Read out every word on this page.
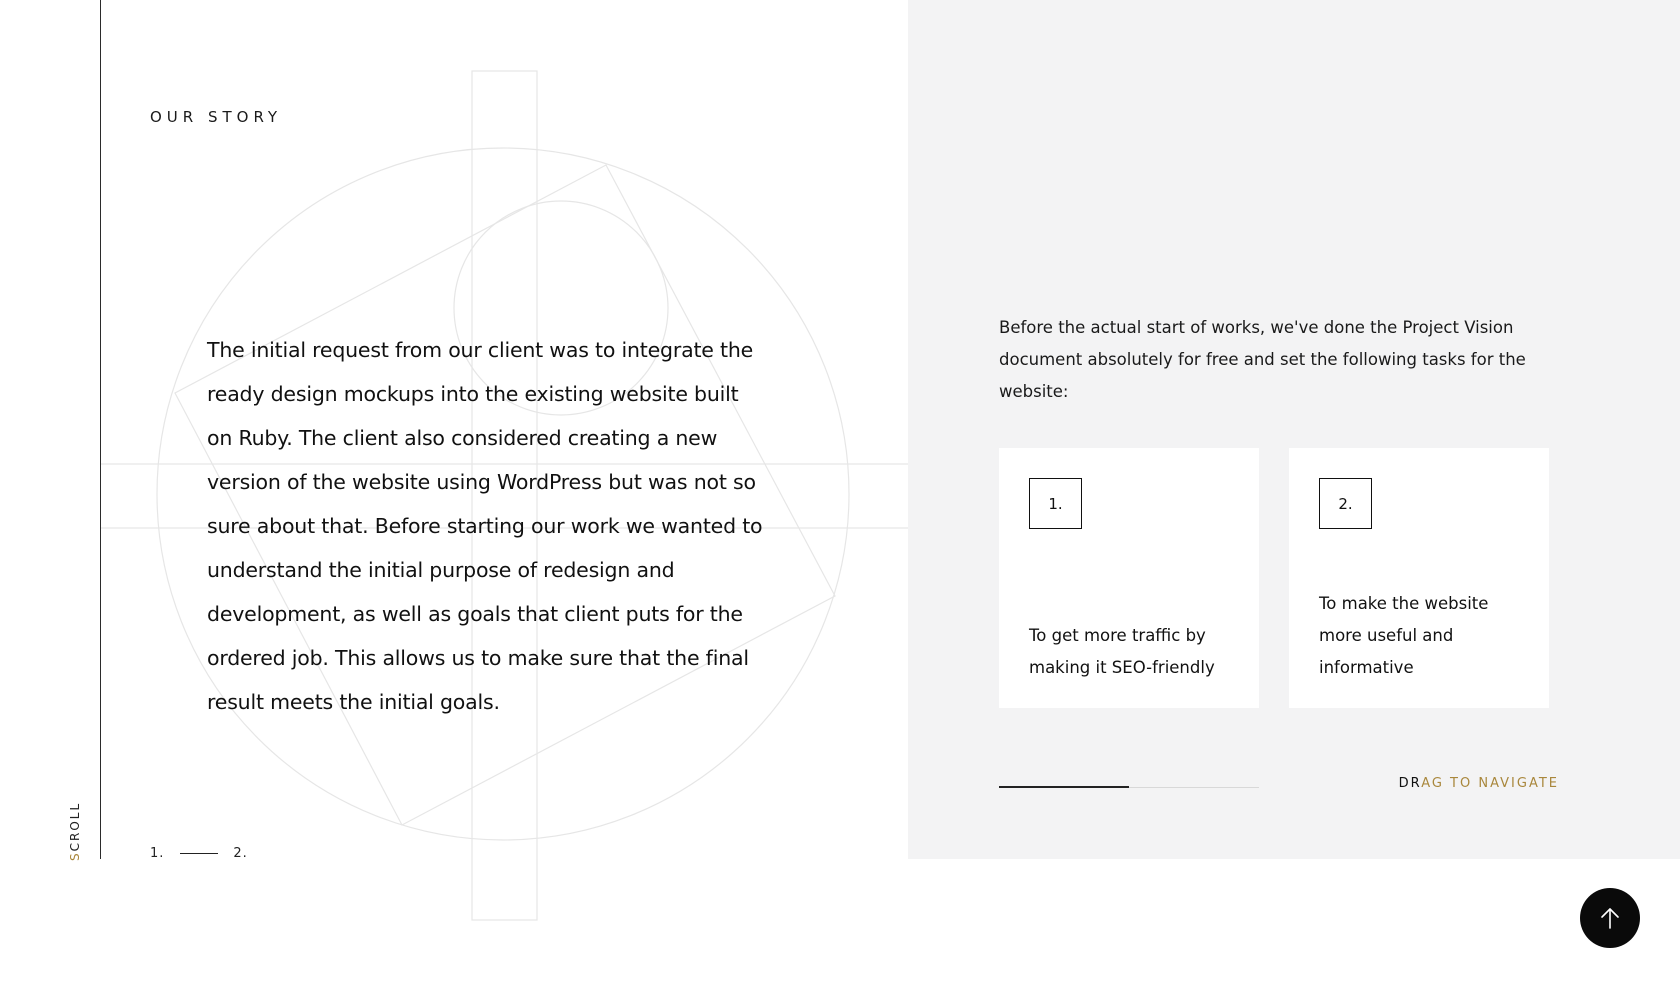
SCROLL
OUR STORY

The initial request from our client was to integrate the ready design mockups into the existing website built on Ruby. The client also considered creating a new version of the website using WordPress but was not so sure about that. Before starting our work we wanted to understand the initial purpose of redesign and development, as well as goals that client puts for the ordered job. This allows us to make sure that the final result meets the initial goals.

1.	2.

Before the actual start of works, we've done the Project Vision document absolutely for free and set the following tasks for the website:

1.
To get more traffic by making it SEO-friendly
2.
To make the website more useful and informative
DRAG TO NAVIGATE
